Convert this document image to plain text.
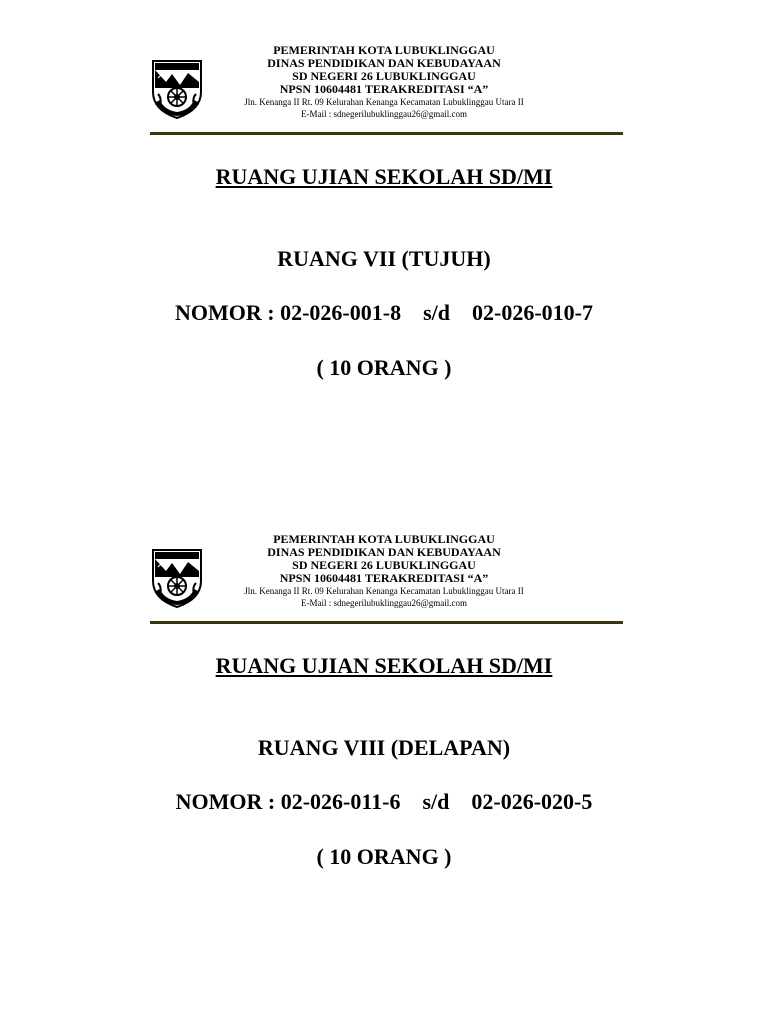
PEMERINTAH KOTA LUBUKLINGGAU
DINAS PENDIDIKAN DAN KEBUDAYAAN
SD NEGERI 26 LUBUKLINGGAU
NPSN 10604481 TERAKREDITASI “A”
Jln. Kenanga II Rt. 09 Kelurahan Kenanga Kecamatan Lubuklinggau Utara II
E-Mail : sdnegerilubuklinggau26@gmail.com
RUANG UJIAN SEKOLAH SD/MI
RUANG VII (TUJUH)
NOMOR : 02-026-001-8 s/d 02-026-010-7
( 10 ORANG )
PEMERINTAH KOTA LUBUKLINGGAU
DINAS PENDIDIKAN DAN KEBUDAYAAN
SD NEGERI 26 LUBUKLINGGAU
NPSN 10604481 TERAKREDITASI “A”
Jln. Kenanga II Rt. 09 Kelurahan Kenanga Kecamatan Lubuklinggau Utara II
E-Mail : sdnegerilubuklinggau26@gmail.com
RUANG UJIAN SEKOLAH SD/MI
RUANG VIII (DELAPAN)
NOMOR : 02-026-011-6 s/d 02-026-020-5
( 10 ORANG )
